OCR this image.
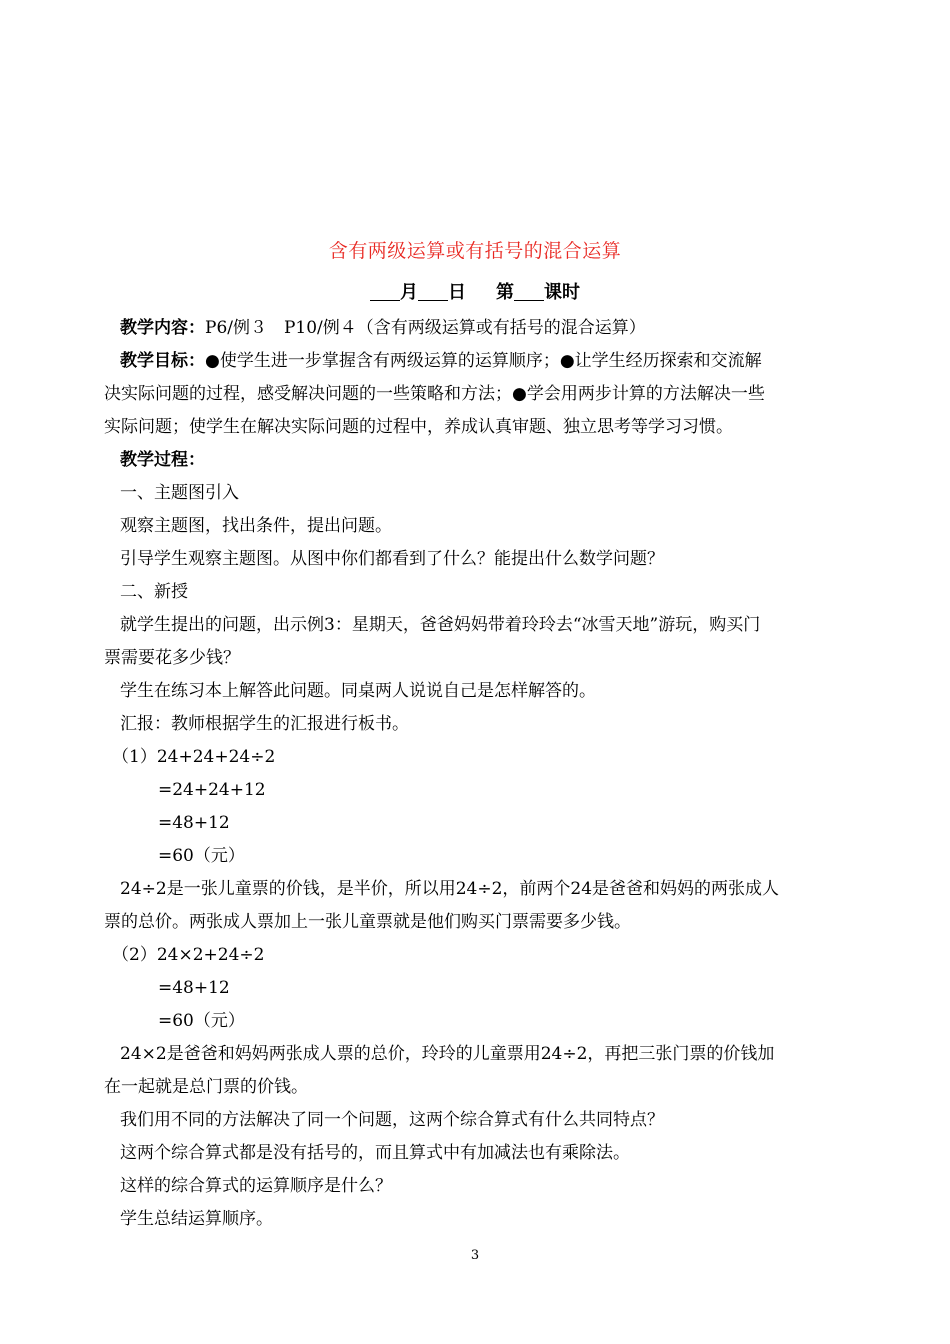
含有两级运算或有括号的混合运算
月 日 第 课时
教学内容：P6/例３　P10/例４（含有两级运算或有括号的混合运算）
教学目标：●使学生进一步掌握含有两级运算的运算顺序；●让学生经历探索和交流解
决实际问题的过程，感受解决问题的一些策略和方法；●学会用两步计算的方法解决一些
实际问题；使学生在解决实际问题的过程中，养成认真审题、独立思考等学习习惯。
教学过程：
一、主题图引入
观察主题图，找出条件，提出问题。
引导学生观察主题图。从图中你们都看到了什么？能提出什么数学问题？
二、新授
就学生提出的问题，出示例3：星期天，爸爸妈妈带着玲玲去“冰雪天地”游玩，购买门
票需要花多少钱？
学生在练习本上解答此问题。同桌两人说说自己是怎样解答的。
汇报：教师根据学生的汇报进行板书。
（1）24+24+24÷2
=24+24+12
=48+12
=60（元）
24÷2是一张儿童票的价钱，是半价，所以用24÷2，前两个24是爸爸和妈妈的两张成人
票的总价。两张成人票加上一张儿童票就是他们购买门票需要多少钱。
（2）24×2+24÷2
=48+12
=60（元）
24×2是爸爸和妈妈两张成人票的总价，玲玲的儿童票用24÷2，再把三张门票的价钱加
在一起就是总门票的价钱。
我们用不同的方法解决了同一个问题，这两个综合算式有什么共同特点？
这两个综合算式都是没有括号的，而且算式中有加减法也有乘除法。
这样的综合算式的运算顺序是什么？
学生总结运算顺序。
3
